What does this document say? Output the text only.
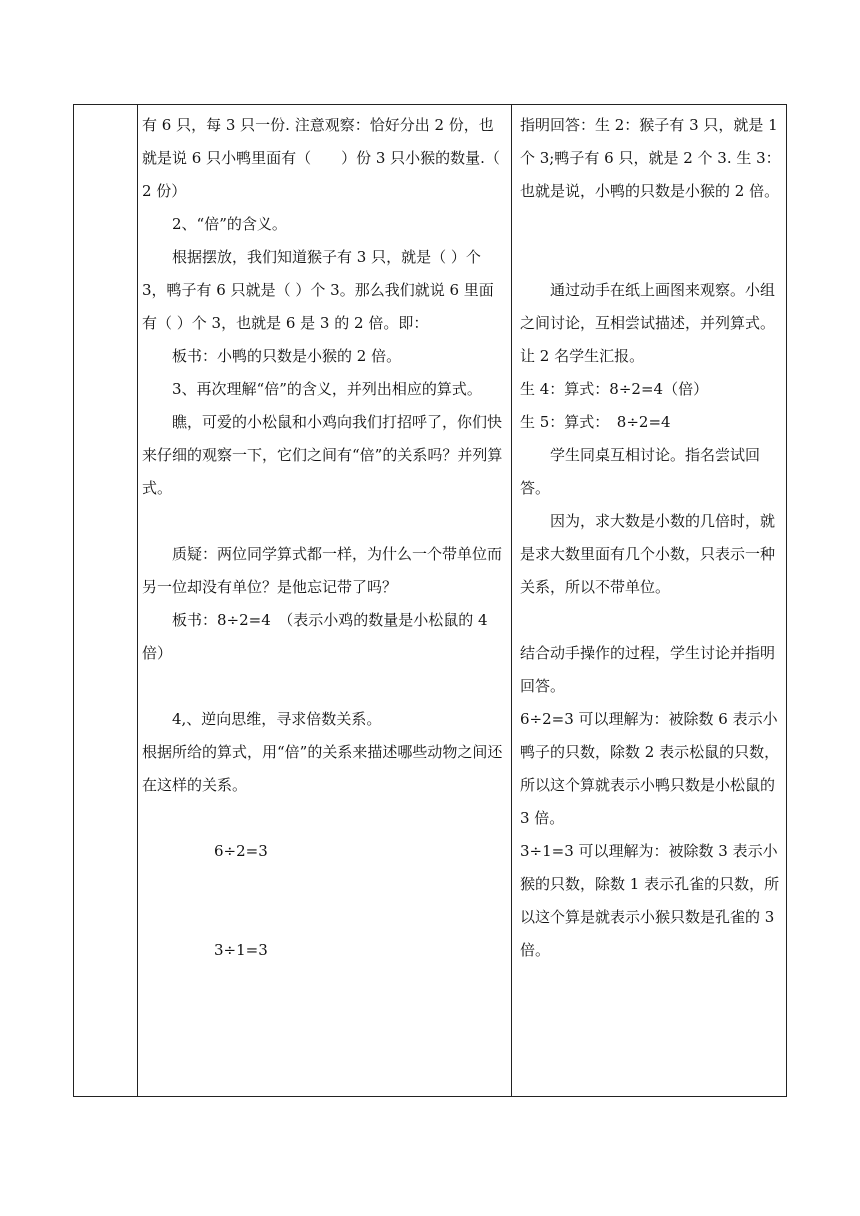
有 6 只，每 3 只一份. 注意观察：恰好分出 2 份，也就是说 6 只小鸭里面有（　　）份 3 只小猴的数量.（ 2 份）

2、“倍”的含义。

根据摆放，我们知道猴子有 3 只，就是（ ）个 3，鸭子有 6 只就是（ ）个 3。那么我们就说 6 里面有（ ）个 3，也就是 6 是 3 的 2 倍。即：

板书：小鸭的只数是小猴的 2 倍。

3、再次理解“倍”的含义，并列出相应的算式。

瞧，可爱的小松鼠和小鸡向我们打招呼了，你们快来仔细的观察一下，它们之间有“倍”的关系吗？并列算式。

质疑：两位同学算式都一样，为什么一个带单位而另一位却没有单位？是他忘记带了吗？

板书：8÷2=4　（表示小鸡的数量是小松鼠的 4 倍）

4,、逆向思维，寻求倍数关系。

根据所给的算式，用“倍”的关系来描述哪些动物之间还在这样的关系。

6÷2=3

3÷1=3

指明回答：生 2：猴子有 3 只，就是 1 个 3;鸭子有 6 只，就是 2 个 3. 生 3：也就是说，小鸭的只数是小猴的 2 倍。

通过动手在纸上画图来观察。小组之间讨论，互相尝试描述，并列算式。让 2 名学生汇报。

生 4：算式：8÷2=4（倍）

生 5：算式：　8÷2=4

学生同桌互相讨论。指名尝试回答。

因为，求大数是小数的几倍时，就是求大数里面有几个小数，只表示一种关系，所以不带单位。

结合动手操作的过程，学生讨论并指明回答。

6÷2=3 可以理解为：被除数 6 表示小鸭子的只数，除数 2 表示松鼠的只数，所以这个算就表示小鸭只数是小松鼠的 3 倍。

3÷1=3 可以理解为：被除数 3 表示小猴的只数，除数 1 表示孔雀的只数，所以这个算是就表示小猴只数是孔雀的 3 倍。
